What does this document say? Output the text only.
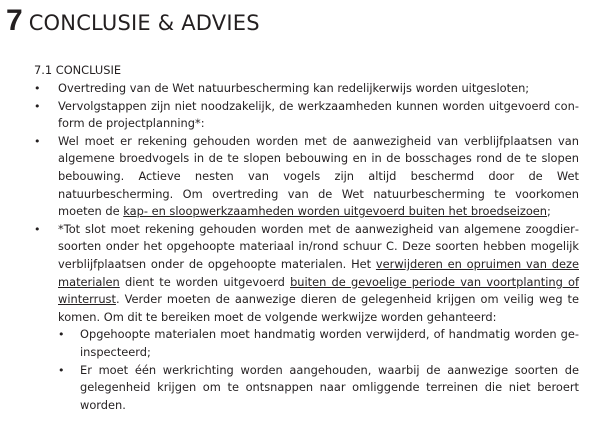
7 CONCLUSIE & ADVIES
7.1 CONCLUSIE
•	Overtreding van de Wet natuurbescherming kan redelijkerwijs worden uitgesloten;
•	Vervolgstappen zijn niet noodzakelijk, de werkzaamheden kunnen worden uitgevoerd conform de projectplanning*:
•	Wel moet er rekening gehouden worden met de aanwezigheid van verblijfplaatsen van algemene broedvogels in de te slopen bebouwing en in de bosschages rond de te slopen bebouwing. Actieve nesten van vogels zijn altijd beschermd door de Wet natuurbescherming. Om overtreding van de Wet natuurbescherming te voorkomen moeten de kap- en sloopwerkzaamheden worden uitgevoerd buiten het broedseizoen;
•	*Tot slot moet rekening gehouden worden met de aanwezigheid van algemene zoogdiersoorten onder het opgehoopte materiaal in/rond schuur C. Deze soorten hebben mogelijk verblijfplaatsen onder de opgehoopte materialen. Het verwijderen en opruimen van deze materialen dient te worden uitgevoerd buiten de gevoelige periode van voortplanting of winterrust. Verder moeten de aanwezige dieren de gelegenheid krijgen om veilig weg te komen. Om dit te bereiken moet de volgende werkwijze worden gehanteerd:
• Opgehoopte materialen moet handmatig worden verwijderd, of handmatig worden geinspecteerd;
• Er moet één werkrichting worden aangehouden, waarbij de aanwezige soorten de gelegenheid krijgen om te ontsnappen naar omliggende terreinen die niet beroert worden.
